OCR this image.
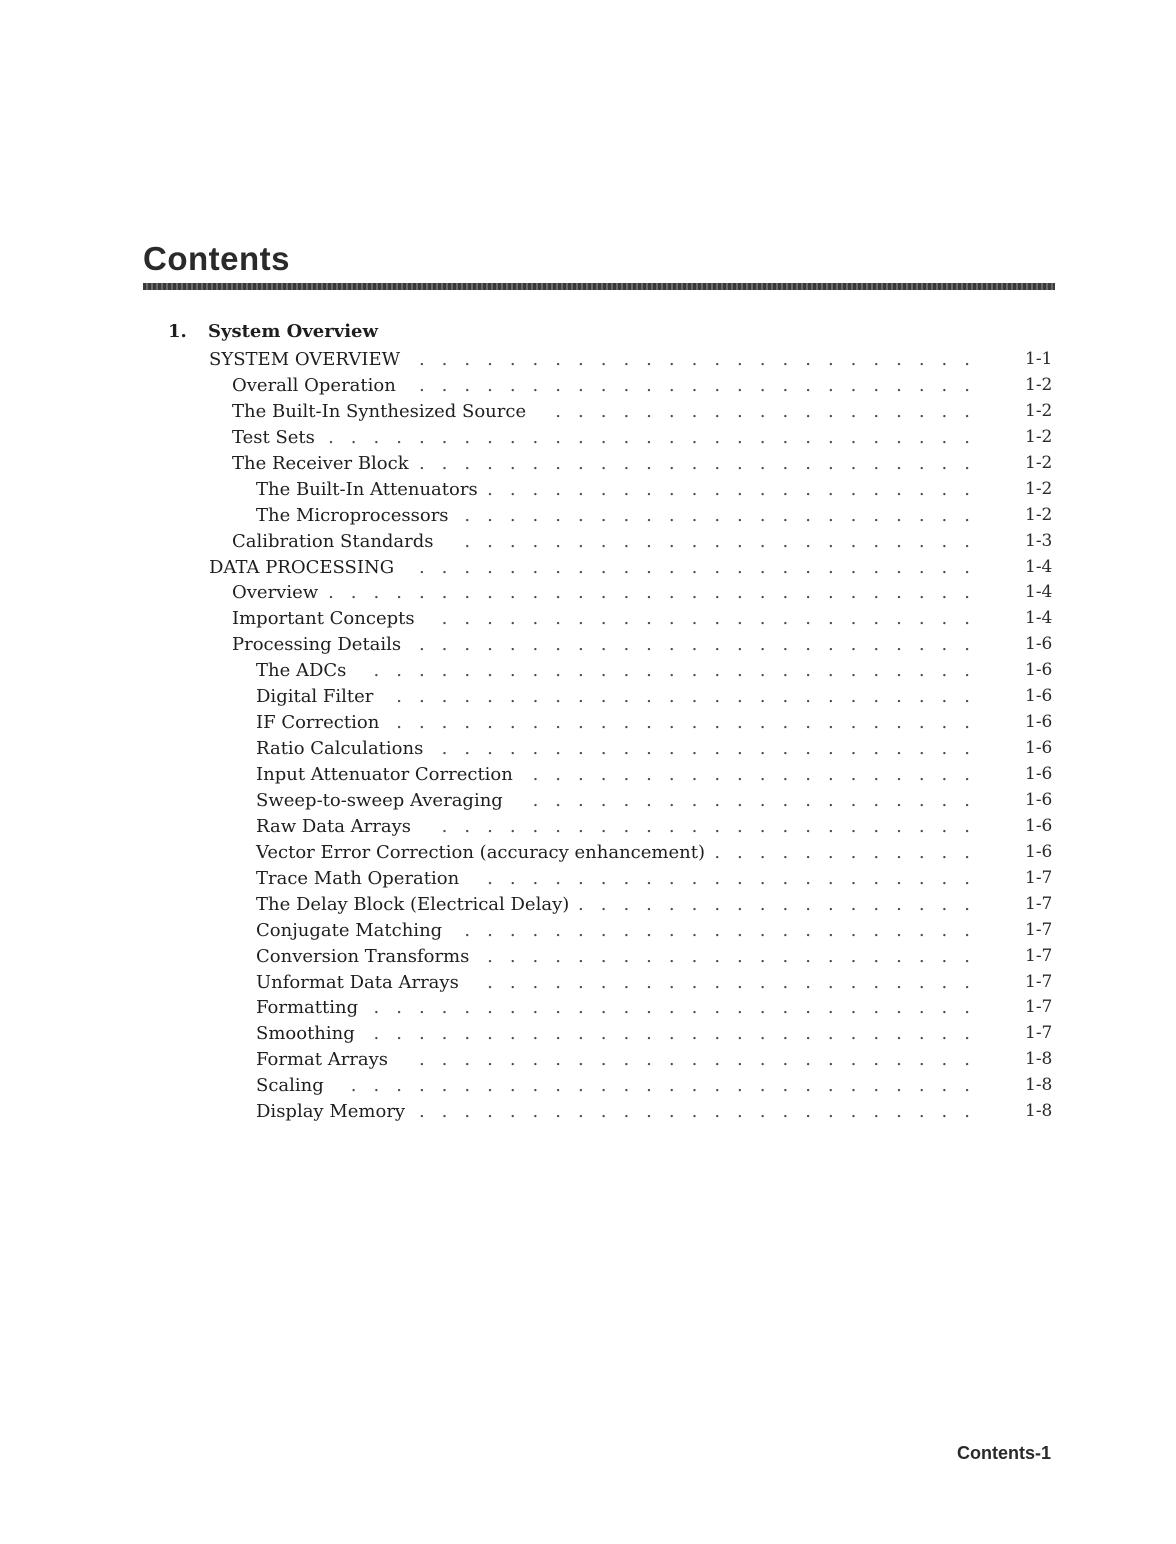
Contents
1. System Overview
SYSTEM OVERVIEW ......................... 1-1
Overall Operation ......................... 1-2
The Built-In Synthesized Source ................... 1-2
Test Sets ............................. 1-2
The Receiver Block ......................... 1-2
The Built-In Attenuators ...................... 1-2
The Microprocessors ....................... 1-2
Calibration Standards ....................... 1-3
DATA PROCESSING ......................... 1-4
Overview ............................. 1-4
Important Concepts ........................ 1-4
Processing Details ......................... 1-6
The ADCs ........................... 1-6
Digital Filter .......................... 1-6
IF Correction .......................... 1-6
Ratio Calculations ........................ 1-6
Input Attenuator Correction .................... 1-6
Sweep-to-sweep Averaging .................... 1-6
Raw Data Arrays ........................ 1-6
Vector Error Correction (accuracy enhancement) ............ 1-6
Trace Math Operation ...................... 1-7
The Delay Block (Electrical Delay) .................. 1-7
Conjugate Matching ....................... 1-7
Conversion Transforms ...................... 1-7
Unformat Data Arrays ...................... 1-7
Formatting ........................... 1-7
Smoothing ........................... 1-7
Format Arrays ......................... 1-8
Scaling ............................ 1-8
Display Memory ......................... 1-8
Contents-1
